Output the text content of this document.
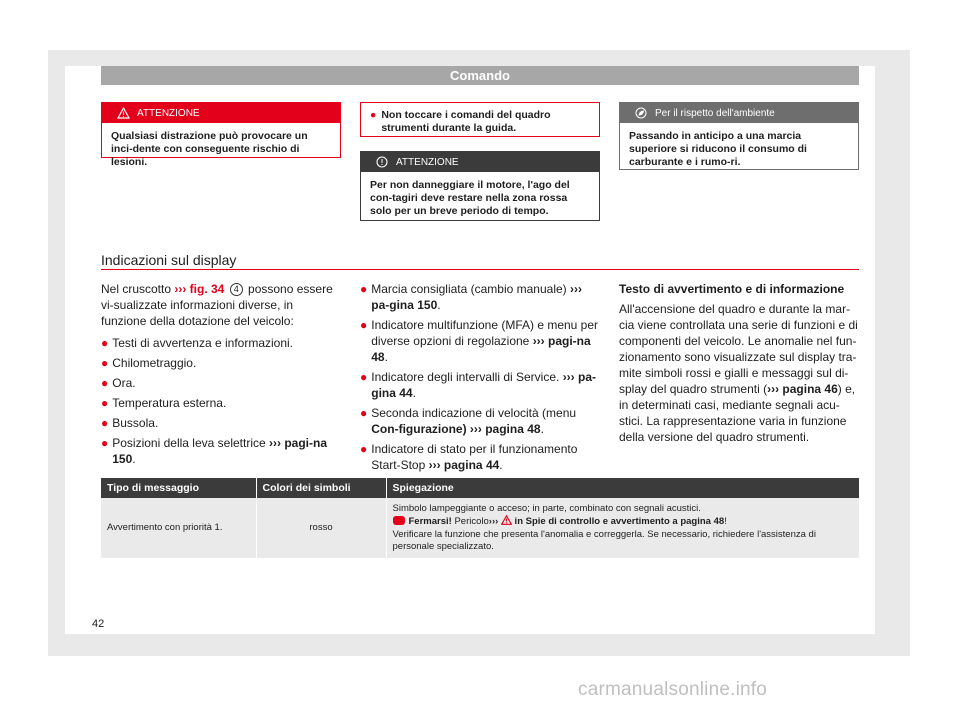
Comando
ATTENZIONE
Qualsiasi distrazione può provocare un inci-dente con conseguente rischio di lesioni.
● Non toccare i comandi del quadro strumenti durante la guida.
ATTENZIONE
Per non danneggiare il motore, l'ago del con-tagiri deve restare nella zona rossa solo per un breve periodo di tempo.
Per il rispetto dell'ambiente
Passando in anticipo a una marcia superiore si riducono il consumo di carburante e i rumo-ri.
Indicazioni sul display

Nel cruscotto ››› fig. 34 4 possono essere vi-sualizzate informazioni diverse, in funzione della dotazione del veicolo:

● Testi di avvertenza e informazioni.
● Chilometraggio.
● Ora.
● Temperatura esterna.
● Bussola.
● Posizioni della leva selettrice ››› pagi-na 150.
● Marcia consigliata (cambio manuale) ››› pa-gina 150.
● Indicatore multifunzione (MFA) e menu per diverse opzioni di regolazione ››› pagi-na 48.
● Indicatore degli intervalli di Service. ››› pa-gina 44.
● Seconda indicazione di velocità (menu Con-figurazione) ››› pagina 48.
● Indicatore di stato per il funzionamento Start-Stop ››› pagina 44.
Testo di avvertimento e di informazione

All'accensione del quadro e durante la mar-cia viene controllata una serie di funzioni e di componenti del veicolo. Le anomalie nel fun-zionamento sono visualizzate sul display tra-mite simboli rossi e gialli e messaggi sul di-splay del quadro strumenti (››› pagina 46) e, in determinati casi, mediante segnali acu-stici. La rappresentazione varia in funzione della versione del quadro strumenti.

Tipo di messaggio	Colori dei simboli	Spiegazione
Avvertimento con priorità 1.	rosso	Simbolo lampeggiante o acceso; in parte, combinato con segnali acustici.
Fermarsi! Pericolo›››  in Spie di controllo e avvertimento a pagina 48!
Verificare la funzione che presenta l'anomalia e correggerla. Se necessario, richiedere l'assistenza di personale specializzato.
42
carmanualsonline.info
